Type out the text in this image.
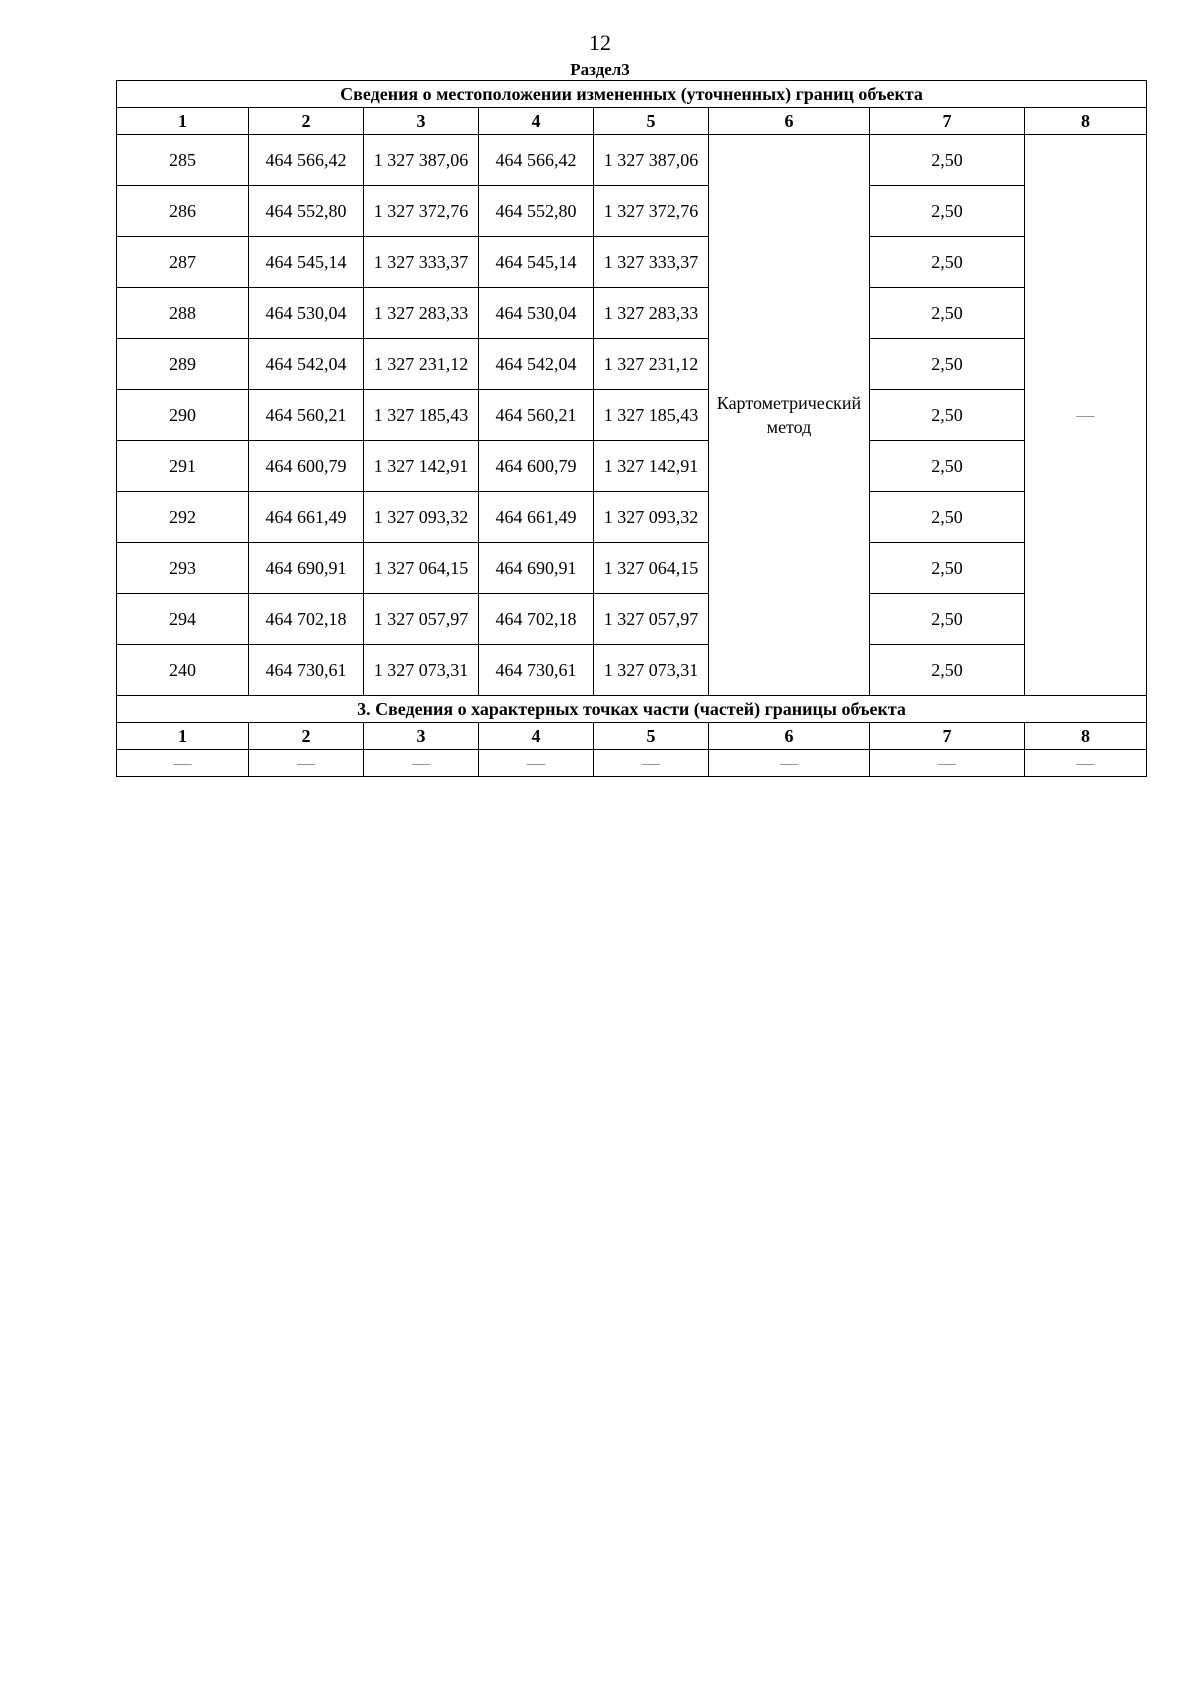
12
Раздел3
Сведения о местоположении измененных (уточненных) границ объекта							
1	2	3	4	5	6	7	8
285	464 566,42	1 327 387,06	464 566,42	1 327 387,06	Картометрический метод	2,50	—
286	464 552,80	1 327 372,76	464 552,80	1 327 372,76		2,50	
287	464 545,14	1 327 333,37	464 545,14	1 327 333,37		2,50	
288	464 530,04	1 327 283,33	464 530,04	1 327 283,33		2,50	
289	464 542,04	1 327 231,12	464 542,04	1 327 231,12		2,50	
290	464 560,21	1 327 185,43	464 560,21	1 327 185,43		2,50	
291	464 600,79	1 327 142,91	464 600,79	1 327 142,91		2,50	
292	464 661,49	1 327 093,32	464 661,49	1 327 093,32		2,50	
293	464 690,91	1 327 064,15	464 690,91	1 327 064,15		2,50	
294	464 702,18	1 327 057,97	464 702,18	1 327 057,97		2,50	
240	464 730,61	1 327 073,31	464 730,61	1 327 073,31		2,50	
3. Сведения о характерных точках части (частей) границы объекта							
1	2	3	4	5	6	7	8
—	—	—	—	—	—	—	—
